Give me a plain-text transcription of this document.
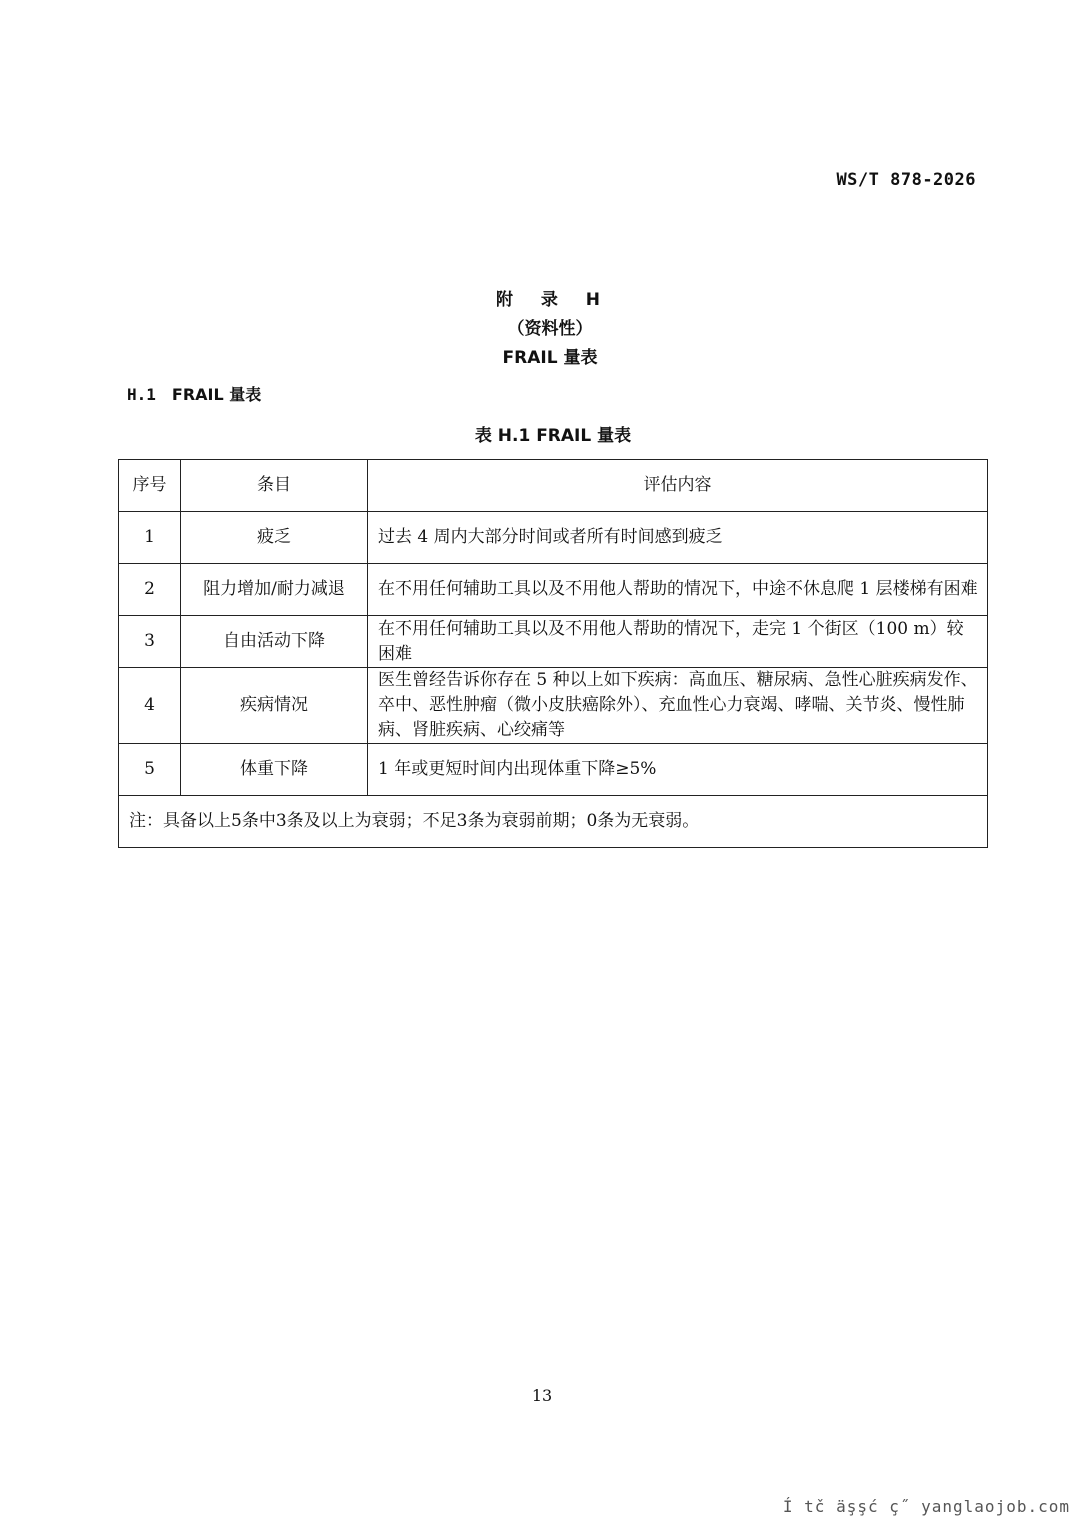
WS/T 878-2026
附 录 H
（资料性）
FRAIL 量表
H.1 FRAIL 量表
表 H.1 FRAIL 量表
序号	条目	评估内容
1	疲乏	过去 4 周内大部分时间或者所有时间感到疲乏
2	阻力增加/耐力减退	在不用任何辅助工具以及不用他人帮助的情况下，中途不休息爬 1 层楼梯有困难
3	自由活动下降	在不用任何辅助工具以及不用他人帮助的情况下，走完 1 个街区（100 m）较困难
4	疾病情况	医生曾经告诉你存在 5 种以上如下疾病：高血压、糖尿病、急性心脏疾病发作、卒中、恶性肿瘤（微小皮肤癌除外）、充血性心力衰竭、哮喘、关节炎、慢性肺病、肾脏疾病、心绞痛等
5	体重下降	1 年或更短时间内出现体重下降≥5%
注：具备以上5条中3条及以上为衰弱；不足3条为衰弱前期；0条为无衰弱。		
13
Í tč äşşć ç˝ yanglaojob.com
